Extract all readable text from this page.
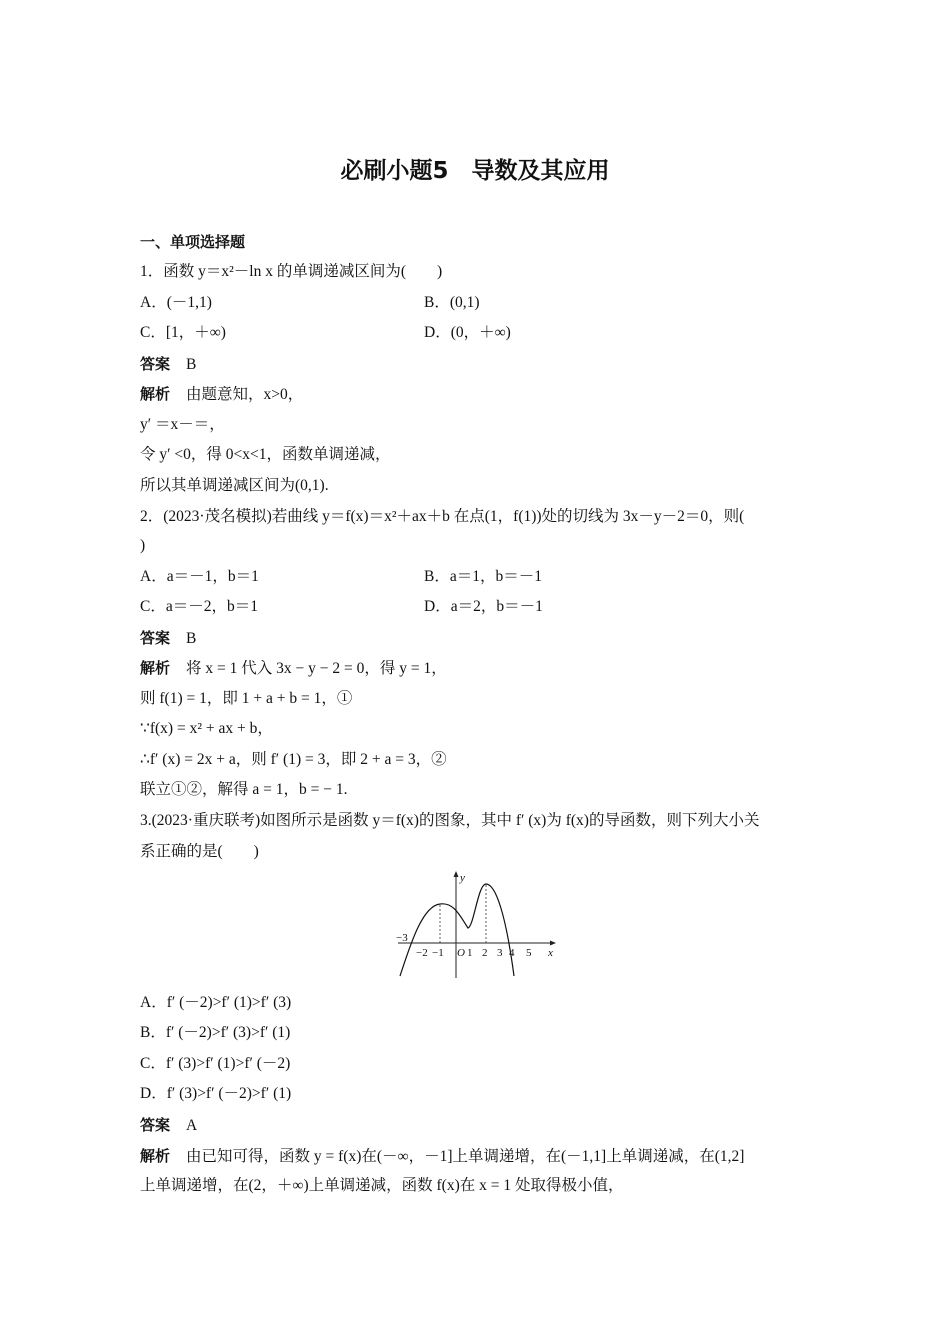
必刷小题5　导数及其应用
一、单项选择题
1．函数 y＝x²－ln x 的单调递减区间为(　　)
A．(－1,1)	B．(0,1)
C．[1，＋∞)	D．(0，＋∞)
答案 B
解析 由题意知，x>0，
y′ ＝x－＝，
令 y′ <0，得 0<x<1，函数单调递减，
所以其单调递减区间为(0,1).
2．(2023·茂名模拟)若曲线 y＝f(x)＝x²＋ax＋b 在点(1，f(1))处的切线为 3x－y－2＝0，则(
)
A．a＝－1，b＝1	B．a＝1，b＝－1
C．a＝－2，b＝1	D．a＝2，b＝－1
答案 B
解析 将 x = 1 代入 3x − y − 2 = 0，得 y = 1，
则 f(1) = 1，即 1 + a + b = 1，①
∵f(x) = x² + ax + b，
∴f′ (x) = 2x + a，则 f′ (1) = 3，即 2 + a = 3，②
联立①②，解得 a = 1，b = − 1.
3.(2023·重庆联考)如图所示是函数 y＝f(x)的图象，其中 f′ (x)为 f(x)的导函数，则下列大小关
系正确的是(　　)
y
x
O
−3
−2 −1 1 2 3 4 5
A．f′ (－2)>f′ (1)>f′ (3)
B．f′ (－2)>f′ (3)>f′ (1)
C．f′ (3)>f′ (1)>f′ (－2)
D．f′ (3)>f′ (－2)>f′ (1)
答案 A
解析 由已知可得，函数 y = f(x)在(－∞，－1]上单调递增，在(－1,1]上单调递减，在(1,2]
上单调递增，在(2，＋∞)上单调递减，函数 f(x)在 x = 1 处取得极小值，
